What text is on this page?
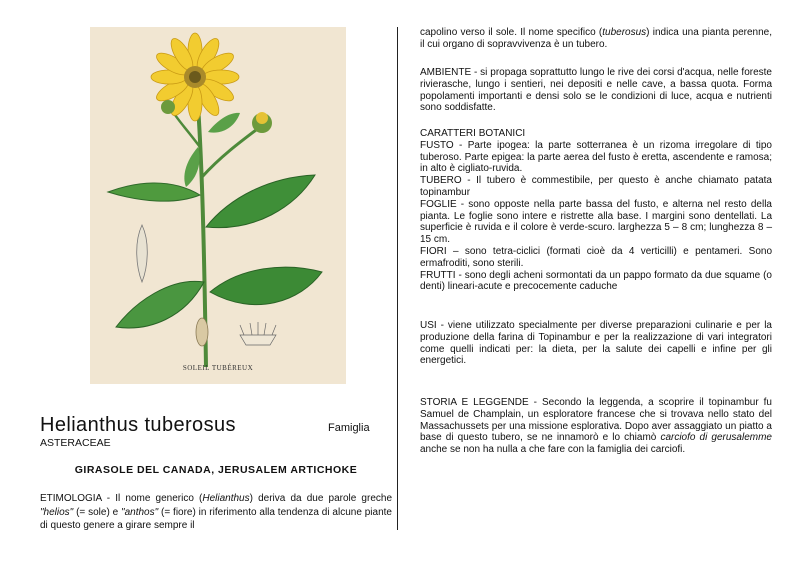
SOLEIL TUBÉREUX
Helianthus tuberosus	Famiglia
ASTERACEAE
GIRASOLE DEL CANADA, JERUSALEM ARTICHOKE
ETIMOLOGIA - Il nome generico (Helianthus) deriva da due parole greche "helios" (= sole) e "anthos" (= fiore) in riferimento alla tendenza di alcune piante di questo genere a girare sempre il
capolino verso il sole. Il nome specifico (tuberosus) indica una pianta perenne, il cui organo di sopravvivenza è un tubero.
AMBIENTE - si propaga soprattutto lungo le rive dei corsi d'acqua, nelle foreste rivierasche, lungo i sentieri, nei depositi e nelle cave, a bassa quota. Forma popolamenti importanti e densi solo se le condizioni di luce, acqua e nutrienti sono soddisfatte.

CARATTERI BOTANICI

FUSTO - Parte ipogea: la parte sotterranea è un rizoma irregolare di tipo tuberoso. Parte epigea: la parte aerea del fusto è eretta, ascendente e ramosa; in alto è cigliato-ruvida.

TUBERO - Il tubero è commestibile, per questo è anche chiamato patata topinambur

FOGLIE - sono opposte nella parte bassa del fusto, e alterna nel resto della pianta. Le foglie sono intere e ristrette alla base. I margini sono dentellati. La superficie è ruvida e il colore è verde-scuro. larghezza 5 – 8 cm; lunghezza 8 – 15 cm.

FIORI – sono tetra-ciclici (formati cioè da 4 verticilli) e pentameri. Sono ermafroditi, sono sterili.

FRUTTI - sono degli acheni sormontati da un pappo formato da due squame (o denti) lineari-acute e precocemente caduche

USI - viene utilizzato specialmente per diverse preparazioni culinarie e per la produzione della farina di Topinambur e per la realizzazione di vari integratori come quelli indicati per: la dieta, per la salute dei capelli e infine per gli energetici.
STORIA E LEGGENDE - Secondo la leggenda, a scoprire il topinambur fu Samuel de Champlain, un esploratore francese che si trovava nello stato del Massachussets per una missione esplorativa. Dopo aver assaggiato un piatto a base di questo tubero, se ne innamorò e lo chiamò carciofo di gerusalemme anche se non ha nulla a che fare con la famiglia dei carciofi.
